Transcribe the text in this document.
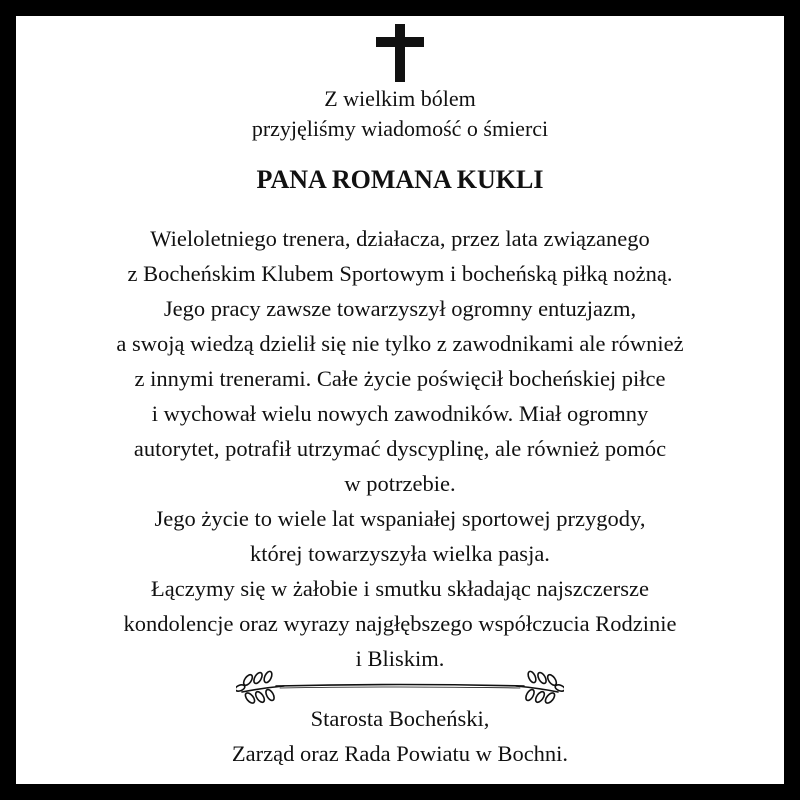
Z wielkim bólem
przyjęliśmy wiadomość o śmierci
PANA ROMANA KUKLI
Wieloletniego trenera, działacza, przez lata związanego
z Bocheńskim Klubem Sportowym i bocheńską piłką nożną.
Jego pracy zawsze towarzyszył ogromny entuzjazm,
a swoją wiedzą dzielił się nie tylko z zawodnikami ale również
z innymi trenerami. Całe życie poświęcił bocheńskiej piłce
i wychował wielu nowych zawodników. Miał ogromny
autorytet, potrafił utrzymać dyscyplinę, ale również pomóc
w potrzebie.
Jego życie to wiele lat wspaniałej sportowej przygody,
której towarzyszyła wielka pasja.
Łączymy się w żałobie i smutku składając najszczersze
kondolencje oraz wyrazy najgłębszego współczucia Rodzinie
i Bliskim.
Starosta Bocheński,
Zarząd oraz Rada Powiatu w Bochni.
